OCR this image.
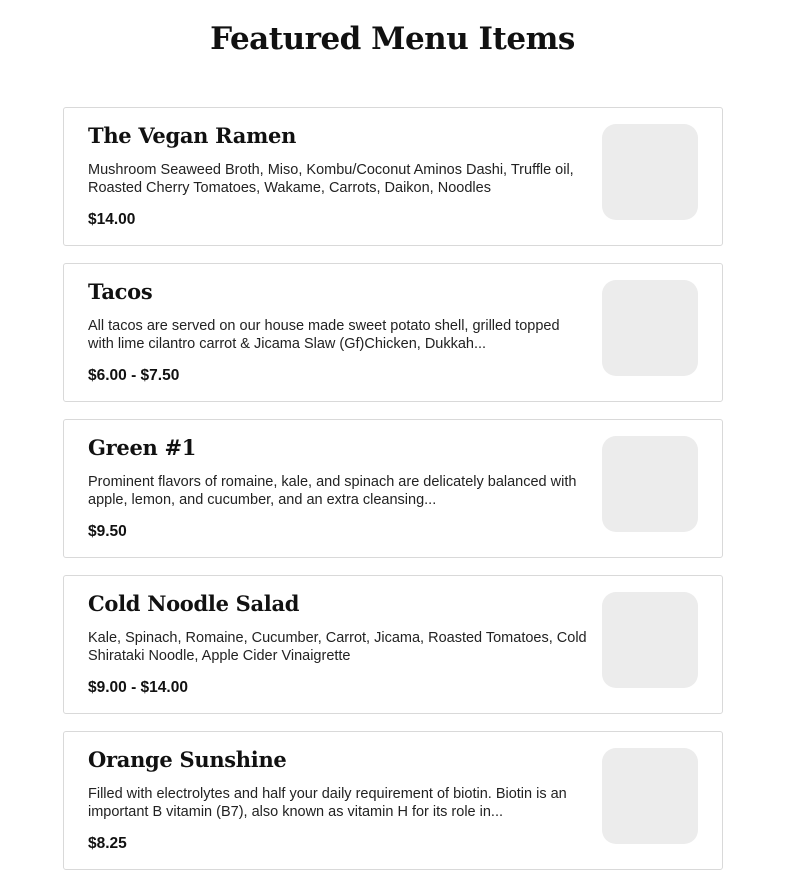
Featured Menu Items
The Vegan Ramen
Mushroom Seaweed Broth, Miso, Kombu/Coconut Aminos Dashi, Truffle oil, Roasted Cherry Tomatoes, Wakame, Carrots, Daikon, Noodles
$14.00
Tacos
All tacos are served on our house made sweet potato shell, grilled topped with lime cilantro carrot & Jicama Slaw (Gf)Chicken, Dukkah...
$6.00 - $7.50
Green #1
Prominent flavors of romaine, kale, and spinach are delicately balanced with apple, lemon, and cucumber, and an extra cleansing...
$9.50
Cold Noodle Salad
Kale, Spinach, Romaine, Cucumber, Carrot, Jicama, Roasted Tomatoes, Cold Shirataki Noodle, Apple Cider Vinaigrette
$9.00 - $14.00
Orange Sunshine
Filled with electrolytes and half your daily requirement of biotin. Biotin is an important B vitamin (B7), also known as vitamin H for its role in...
$8.25
